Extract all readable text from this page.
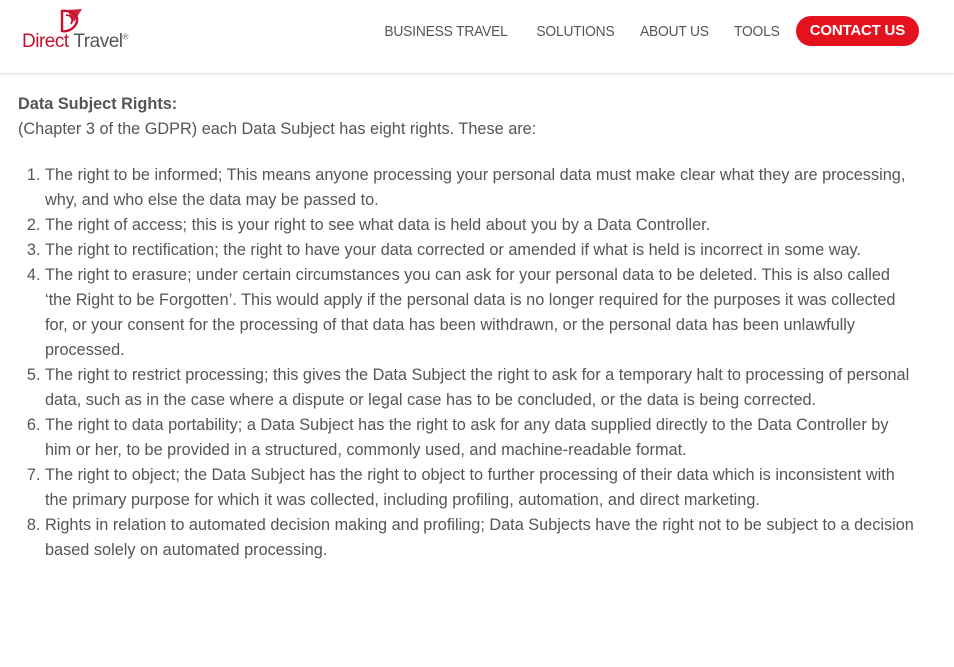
Direct Travel®	BUSINESS TRAVEL SOLUTIONS ABOUT US TOOLS	CONTACT US

Data Subject Rights:

(Chapter 3 of the GDPR) each Data Subject has eight rights. These are:

1. The right to be informed; This means anyone processing your personal data must make clear what they are processing, why, and who else the data may be passed to.
2. The right of access; this is your right to see what data is held about you by a Data Controller.
3. The right to rectification; the right to have your data corrected or amended if what is held is incorrect in some way.
4. The right to erasure; under certain circumstances you can ask for your personal data to be deleted. This is also called ‘the Right to be Forgotten’. This would apply if the personal data is no longer required for the purposes it was collected for, or your consent for the processing of that data has been withdrawn, or the personal data has been unlawfully processed.
5. The right to restrict processing; this gives the Data Subject the right to ask for a temporary halt to processing of personal data, such as in the case where a dispute or legal case has to be concluded, or the data is being corrected.
6. The right to data portability; a Data Subject has the right to ask for any data supplied directly to the Data Controller by him or her, to be provided in a structured, commonly used, and machine-readable format.
7. The right to object; the Data Subject has the right to object to further processing of their data which is inconsistent with the primary purpose for which it was collected, including profiling, automation, and direct marketing.
8. Rights in relation to automated decision making and profiling; Data Subjects have the right not to be subject to a decision based solely on automated processing.
